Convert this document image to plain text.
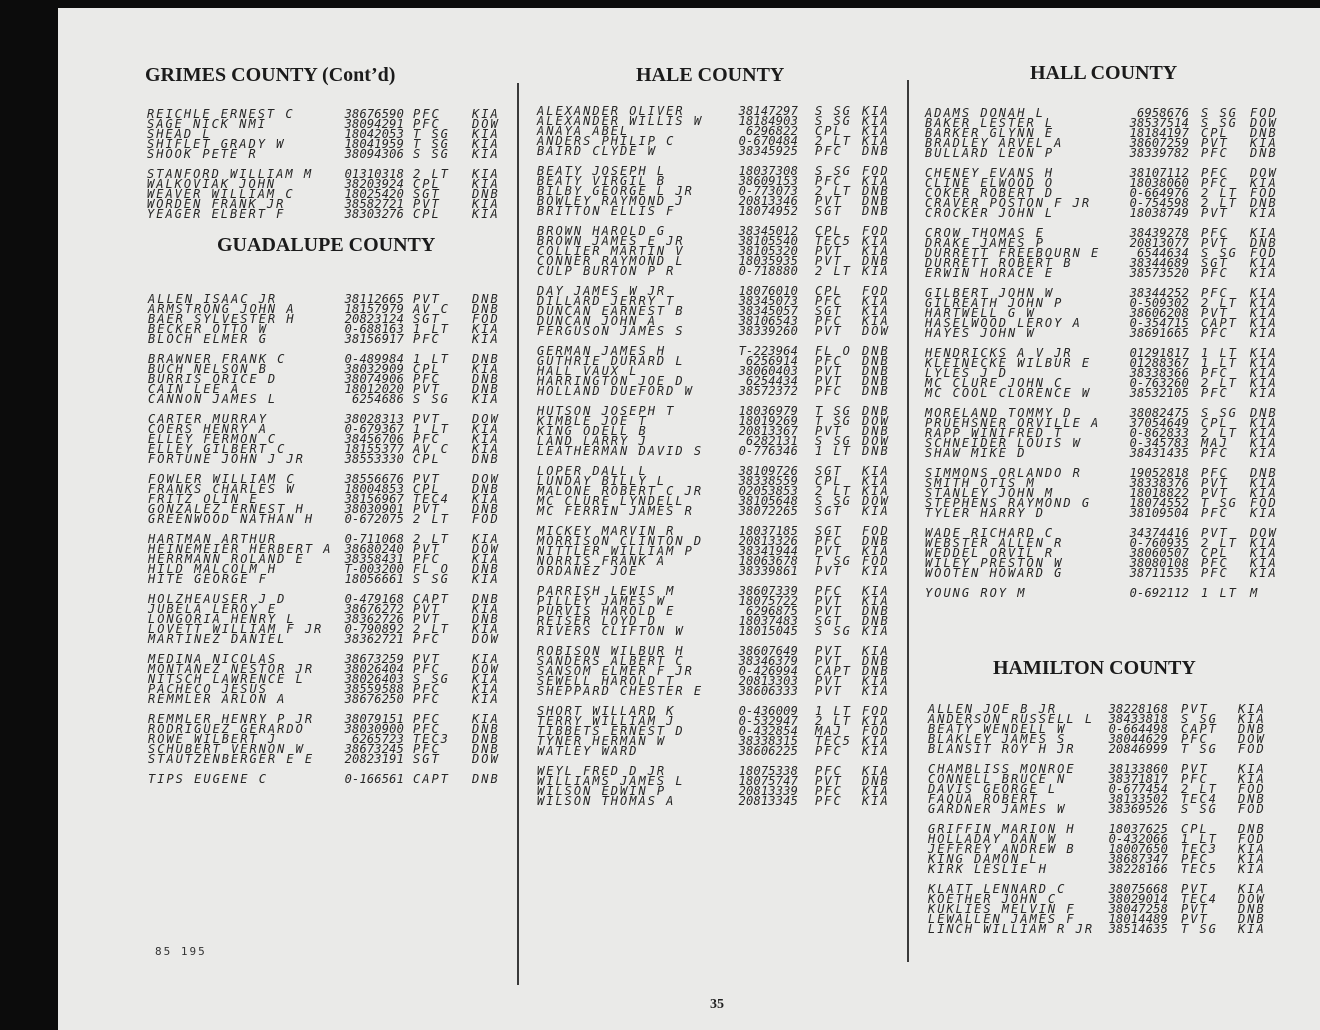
85 195
35
GRIMES COUNTY (Cont’d)
REICHLE ERNEST C	38676590 PFC	KIA
SAGE NICK NMI	38094291 PFC	DOW
SHEAD L	18042053 T SG KIA
SHIFLET GRADY W	18041959 T SG KIA
SHOOK PETE R	38094306 S SG KIA
STANFORD WILLIAM M	01310318 2 LT KIA
WALKOVIAK JOHN	38203924 CPL	KIA
WEAVER WILLIAM C	18025420 SGT	DNB
WORDEN FRANK JR	38582721 PVT	KIA
YEAGER ELBERT F	38303276 CPL	KIA
GUADALUPE COUNTY
ALLEN ISAAC JR	38112665 PVT	DNB
ARMSTRONG JOHN A	18157979 AV C DNB
BAER SYLVESTER H	20823124 SGT	FOD
BECKER OTTO W	0-688163 1 LT KIA
BLOCH ELMER G	38156917 PFC	KIA
BRAWNER FRANK C	0-489984 1 LT DNB
BUCH NELSON B	38032909 CPL	KIA
BURRIS ORICE D	38074906 PFC	DNB
CAIN LEE A	18012020 PVT	DNB
CANNON JAMES L	6254686 S SG KIA
CARTER MURRAY	38028313 PVT	DOW
COERS HENRY A	0-679367 1 LT KIA
ELLEY FERMON C	38456706 PFC	KIA
ELLEY GILBERT C	18155377 AV C KIA
FORTUNE JOHN J JR	38553330 CPL	DNB
FOWLER WILLIAM C	38556676 PVT	DOW
FRANKS CHARLES W	18004853 CPL	DNB
FRITZ OLIN E	38156967 TEC4 KIA
GONZALEZ ERNEST H	38030901 PVT	DNB
GREENWOOD NATHAN H	0-672075 2 LT FOD
HARTMAN ARTHUR	0-711068 2 LT KIA
HEINEMEIER HERBERT A	38680240 PVT	DOW
HERRMANN ROLAND E	38358431 PFC	KIA
HILD MALCOLM H	T-003200 FL O DNB
HITE GEORGE F	18056661 S SG KIA
HOLZHEAUSER J D	0-479168 CAPT DNB
JUBELA LEROY E	38676272 PVT	KIA
LONGORIA HENRY L	38362726 PVT	DNB
LOVETT WILLIAM F JR	0-790892 2 LT KIA
MARTINEZ DANIEL	38362721 PFC	DOW
MEDINA NICOLAS	38673259 PVT	KIA
MONTANEZ NESTOR JR	38026404 PFC	DOW
NITSCH LAWRENCE L	38026403 S SG KIA
PACHECO JESUS	38559588 PFC	KIA
REMMLER ARLON A	38676250 PFC	KIA
REMMLER HENRY P JR	38079151 PFC	KIA
RODRIGUEZ GERARDO	38030900 PFC	DNB
ROWE WILBERT J	6265723 TEC3 DNB
SCHUBERT VERNON W	38673245 PFC	DNB
STAUTZENBERGER E E	20823191 SGT	DOW
TIPS EUGENE C	0-166561 CAPT DNB
HALE COUNTY
ALEXANDER OLIVER	38147297 S SG KIA
ALEXANDER WILLIS W	18184903 S SG KIA
ANAYA ABEL	6296822 CPL KIA
ANDERS PHILIP C	0-670484 2 LT KIA
BAIRD CLYDE W	38345925 PFC DNB
BEATY JOSEPH L	18037308 S SG FOD
BEATY VIRGIL B	38609153 PFC KIA
BILBY GEORGE L JR	0-773073 2 LT DNB
BOWLEY RAYMOND J	20813346 PVT DNB
BRITTON ELLIS F	18074952 SGT DNB
BROWN HAROLD G	38345012 CPL FOD
BROWN JAMES E JR	38105540 TEC5 KIA
COLLIER MARTIN V	38105320 PVT KIA
CONNER RAYMOND L	18035935 PVT DNB
CULP BURTON P R	0-718880 2 LT KIA
DAY JAMES W JR	18076010 CPL FOD
DILLARD JERRY T	38345073 PFC KIA
DUNCAN EARNEST B	38345057 SGT KIA
DUNCAN JOHN A	38106543 PFC KIA
FERGUSON JAMES S	38339260 PVT DOW
GERMAN JAMES H	T-223964 FL O DNB
GUTHRIE DURARD L	6256914 PFC DNB
HALL VAUX L	38060403 PVT DNB
HARRINGTON JOE D	6254434 PVT DNB
HOLLAND DUEFORD W	38572372 PFC DNB
HUTSON JOSEPH T	18036979 T SG DNB
KIMBLE JOE T	18019269 T SG DOW
KING ODELL B	20813367 PVT DNB
LAND LARRY J	6282131 S SG DOW
LEATHERMAN DAVID S	0-776346 1 LT DNB
LOPER DALL L	38109726 SGT KIA
LUNDAY BILLY L	38338559 CPL KIA
MALONE ROBERT C JR	02053853 2 LT KIA
MC CLURE LYNDELL	38105648 S SG DOW
MC FERRIN JAMES R	38072265 SGT KIA
MICKEY MARVIN R	18037185 SGT FOD
MORRISON CLINTON D	20813326 PFC DNB
NITTLER WILLIAM P	38341944 PVT KIA
NORRIS FRANK A	18063678 T SG FOD
ORDANEZ JOE	38339861 PVT KIA
PARRISH LEWIS M	38607339 PFC KIA
PILLEY JAMES W	18075722 PVT KIA
PURVIS HAROLD E	6296875 PVT DNB
REISER LOYD D	18037483 SGT DNB
RIVERS CLIFTON W	18015045 S SG KIA
ROBISON WILBUR H	38607649 PVT KIA
SANDERS ALBERT C	38346379 PVT DNB
SANSOM ELMER F JR	0-426994 CAPT DNB
SEWELL HAROLD T	20813303 PVT KIA
SHEPPARD CHESTER E	38606333 PVT KIA
SHORT WILLARD K	0-436009 1 LT FOD
TERRY WILLIAM J	0-532947 2 LT KIA
TIBBETS ERNEST D	0-432854 MAJ FOD
TYNER HERMAN W	38338315 TEC5 KIA
WATLEY WARD	38606225 PFC KIA
WEYL FRED D JR	18075338 PFC KIA
WILLIAMS JAMES L	18075747 PVT DNB
WILSON EDWIN P	20813339 PFC KIA
WILSON THOMAS A	20813345 PFC KIA
HALL COUNTY
ADAMS DONAH L	6958676 S SG FOD
BAKER LESTER L	38537514 S SG DOW
BARKER GLYNN E	18184197 CPL DNB
BRADLEY ARVEL A	38607259 PVT KIA
BULLARD LEON P	38339782 PFC DNB
CHENEY EVANS H	38107112 PFC DOW
CLINE ELWOOD O	18038060 PFC KIA
COKER ROBERT D	0-664976 2 LT FOD
CRAVER POSTON F JR	0-754598 2 LT DNB
CROCKER JOHN L	18038749 PVT KIA
CROW THOMAS E	38439278 PFC KIA
DRAKE JAMES P	20813077 PVT DNB
DURRETT FREEBOURN E	6544634 S SG FOD
DURRETT ROBERT B	38344689 SGT KIA
ERWIN HORACE E	38573520 PFC KIA
GILBERT JOHN W	38344252 PFC KIA
GILREATH JOHN P	0-509302 2 LT KIA
HARTWELL G W	38606208 PVT KIA
HASELWOOD LEROY A	0-354715 CAPT KIA
HAYES JOHN W	38691665 PFC KIA
HENDRICKS A V JR	01291817 1 LT KIA
KLEINECKE WILBUR E	01288367 1 LT KIA
LYLES J D	38338366 PFC KIA
MC CLURE JOHN C	0-763260 2 LT KIA
MC COOL CLORENCE W	38532105 PFC KIA
MORELAND TOMMY D	38082475 S SG DNB
PRUEHSNER ORVILLE A	37054649 CPL KIA
RAPP WINIFRED T	0-862833 2 LT KIA
SCHNEIDER LOUIS W	0-345783 MAJ KIA
SHAW MIKE D	38431435 PFC KIA
SIMMONS ORLANDO R	19052818 PFC DNB
SMITH OTIS M	38338376 PVT KIA
STANLEY JOHN M	18018822 PVT KIA
STEPHENS RAYMOND G	18074552 T SG FOD
TYLER HARRY D	38109504 PFC KIA
WADE RICHARD C	34374416 PVT DOW
WEBSTER ALLEN R	0-760935 2 LT KIA
WEDDEL ORVIL R	38060507 CPL KIA
WILEY PRESTON W	38080108 PFC KIA
WOOTEN HOWARD G	38711535 PFC KIA
YOUNG ROY M	0-692112 1 LT M
HAMILTON COUNTY
ALLEN JOE B JR	38228168 PVT KIA
ANDERSON RUSSELL L	38433818 S SG KIA
BEATY WENDELL W	0-664498 CAPT DNB
BLAKLEY JAMES S	38044629 PFC DOW
BLANSIT ROY H JR	20846999 T SG FOD
CHAMBLISS MONROE	38133860 PVT KIA
CONNELL BRUCE N	38371817 PFC KIA
DAVIS GEORGE L	0-677454 2 LT FOD
FAQUA ROBERT	38133502 TEC4 DNB
GARDNER JAMES W	38369526 S SG FOD
GRIFFIN MARION H	18037625 CPL DNB
HOLLADAY DAN W	0-432066 1 LT FOD
JEFFREY ANDREW B	18007650 TEC3 KIA
KING DAMON L	38687347 PFC KIA
KIRK LESLIE H	38228166 TEC5 KIA
KLATT LENNARD C	38075668 PVT KIA
KOETHER JOHN C	38029014 TEC4 DOW
KUKLIES MELVIN F	38047258 PVT DNB
LEWALLEN JAMES F	18014489 PVT DNB
LINCH WILLIAM R JR	38514635 T SG KIA
